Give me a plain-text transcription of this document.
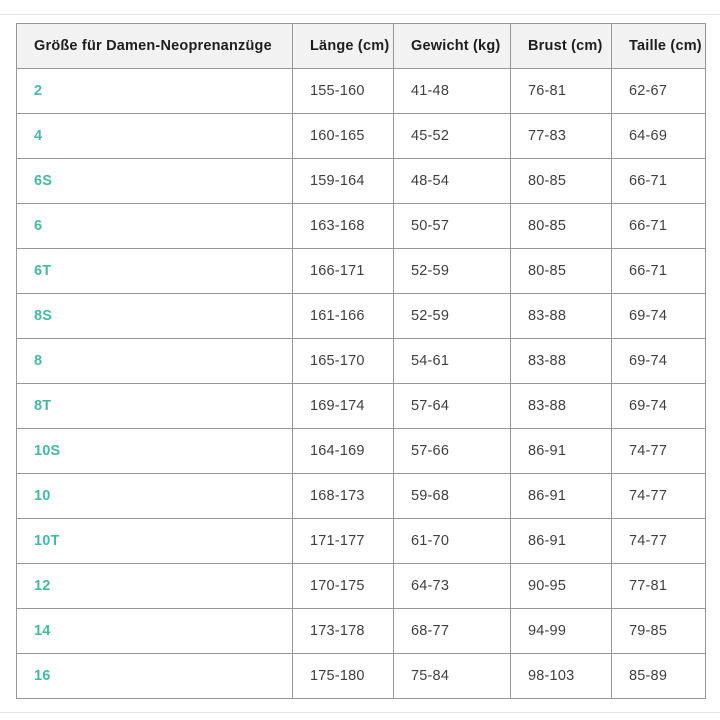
Größe für Damen-Neoprenanzüge	Länge (cm)	Gewicht (kg)	Brust (cm)	Taille (cm)
2	155-160	41-48	76-81	62-67
4	160-165	45-52	77-83	64-69
6S	159-164	48-54	80-85	66-71
6	163-168	50-57	80-85	66-71
6T	166-171	52-59	80-85	66-71
8S	161-166	52-59	83-88	69-74
8	165-170	54-61	83-88	69-74
8T	169-174	57-64	83-88	69-74
10S	164-169	57-66	86-91	74-77
10	168-173	59-68	86-91	74-77
10T	171-177	61-70	86-91	74-77
12	170-175	64-73	90-95	77-81
14	173-178	68-77	94-99	79-85
16	175-180	75-84	98-103	85-89
